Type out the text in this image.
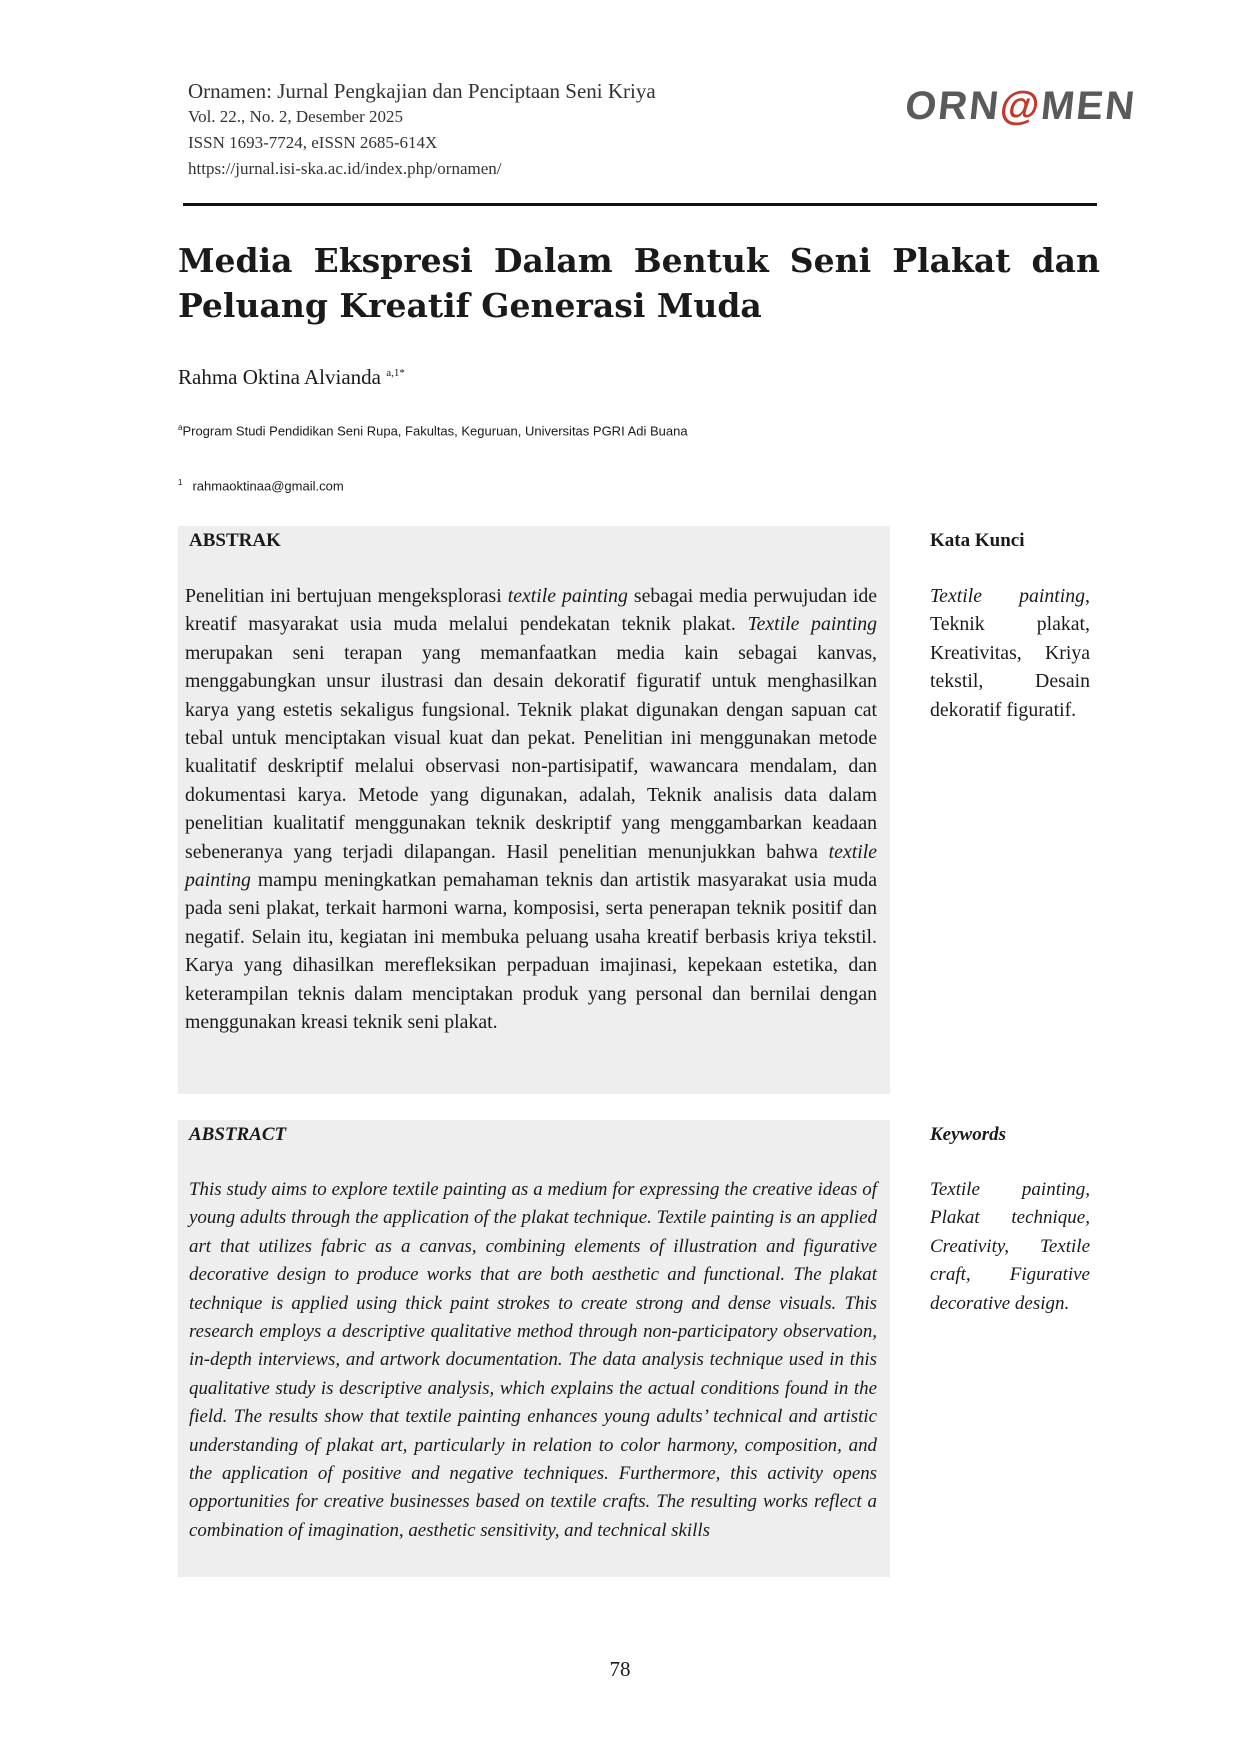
Ornamen: Jurnal Pengkajian dan Penciptaan Seni Kriya
Vol. 22., No. 2, Desember 2025
ISSN 1693-7724, eISSN 2685-614X
https://jurnal.isi-ska.ac.id/index.php/ornamen/
ORN@MEN
Media Ekspresi Dalam Bentuk Seni Plakat dan Peluang Kreatif Generasi Muda
Rahma Oktina Alvianda $^{a,1*}$
$^a$Program Studi Pendidikan Seni Rupa, Fakultas, Keguruan, Universitas PGRI Adi Buana
$^1$ rahmaoktinaa@gmail.com
ABSTRAK

Penelitian ini bertujuan mengeksplorasi textile painting sebagai media perwujudan ide kreatif masyarakat usia muda melalui pendekatan teknik plakat. Textile painting merupakan seni terapan yang memanfaatkan media kain sebagai kanvas, menggabungkan unsur ilustrasi dan desain dekoratif figuratif untuk menghasilkan karya yang estetis sekaligus fungsional. Teknik plakat digunakan dengan sapuan cat tebal untuk menciptakan visual kuat dan pekat. Penelitian ini menggunakan metode kualitatif deskriptif melalui observasi non-partisipatif, wawancara mendalam, dan dokumentasi karya. Metode yang digunakan, adalah, Teknik analisis data dalam penelitian kualitatif menggunakan teknik deskriptif yang menggambarkan keadaan sebeneranya yang terjadi dilapangan. Hasil penelitian menunjukkan bahwa textile painting mampu meningkatkan pemahaman teknis dan artistik masyarakat usia muda pada seni plakat, terkait harmoni warna, komposisi, serta penerapan teknik positif dan negatif. Selain itu, kegiatan ini membuka peluang usaha kreatif berbasis kriya tekstil. Karya yang dihasilkan merefleksikan perpaduan imajinasi, kepekaan estetika, dan keterampilan teknis dalam menciptakan produk yang personal dan bernilai dengan menggunakan kreasi teknik seni plakat.

Kata Kunci
Textile painting, Teknik plakat, Kreativitas, Kriya tekstil, Desain dekoratif figuratif.
ABSTRACT

This study aims to explore textile painting as a medium for expressing the creative ideas of young adults through the application of the plakat technique. Textile painting is an applied art that utilizes fabric as a canvas, combining elements of illustration and figurative decorative design to produce works that are both aesthetic and functional. The plakat technique is applied using thick paint strokes to create strong and dense visuals. This research employs a descriptive qualitative method through non-participatory observation, in-depth interviews, and artwork documentation. The data analysis technique used in this qualitative study is descriptive analysis, which explains the actual conditions found in the field. The results show that textile painting enhances young adults’ technical and artistic understanding of plakat art, particularly in relation to color harmony, composition, and the application of positive and negative techniques. Furthermore, this activity opens opportunities for creative businesses based on textile crafts. The resulting works reflect a combination of imagination, aesthetic sensitivity, and technical skills

Keywords
Textile painting, Plakat technique, Creativity, Textile craft, Figurative decorative design.
78
